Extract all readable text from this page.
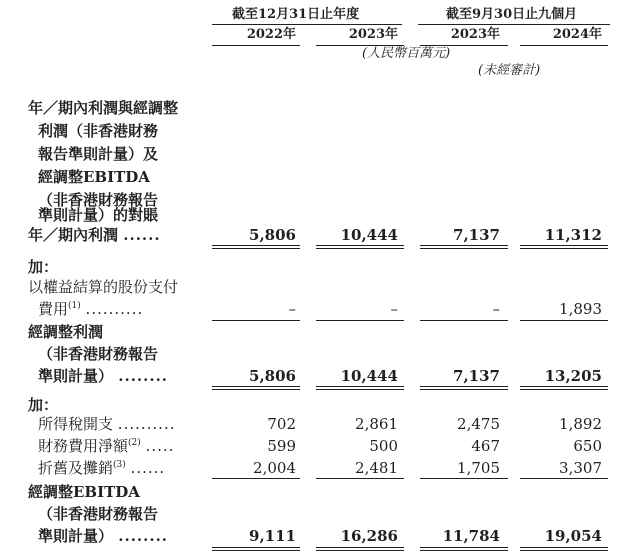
截至12月31日止年度	截至9月30日止九個月
2022年	2023年	2023年	2024年
(人民幣百萬元)
(未經審計)
年／期內利潤與經調整
利潤（非香港財務
報告準則計量）及
經調整EBITDA
（非香港財務報告
準則計量）的對賬
年／期內利潤 ......	5,806	10,444	7,137	11,312
加：
以權益結算的股份支付
費用$^{(1)}$ ..........	–	–	–	1,893
經調整利潤
（非香港財務報告
準則計量） ........	5,806	10,444	7,137	13,205
加：
所得稅開支 ..........	702	2,861	2,475	1,892
財務費用淨額$^{(2)}$ .....	599	500	467	650
折舊及攤銷$^{(3)}$ ......	2,004	2,481	1,705	3,307
經調整EBITDA
（非香港財務報告
準則計量） ........	9,111	16,286	11,784	19,054
